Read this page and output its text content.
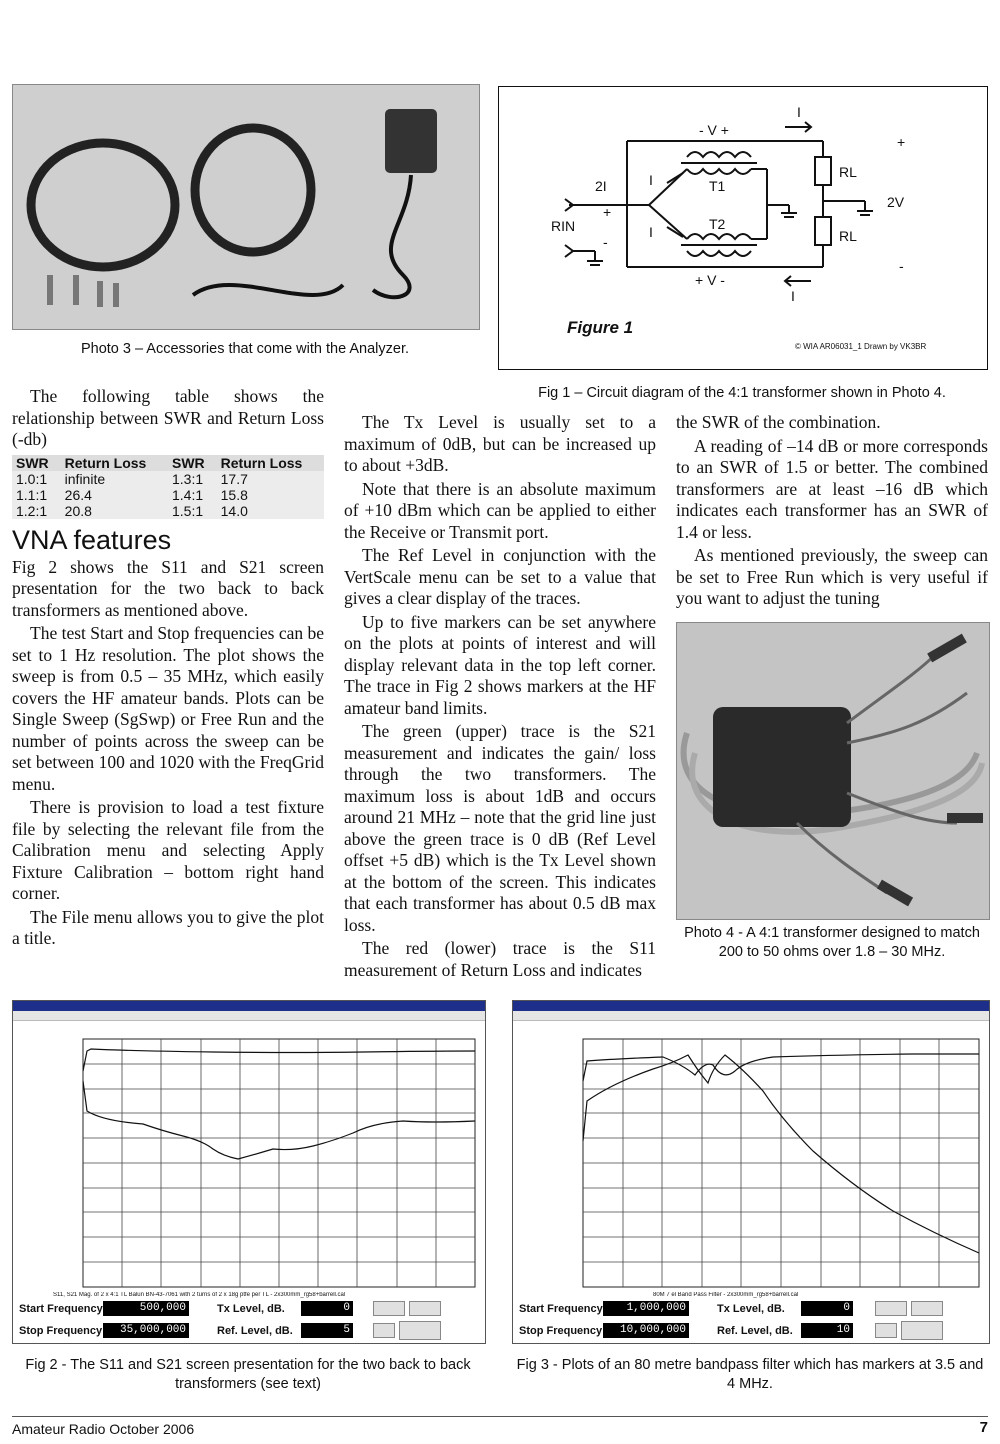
Photo 3 – Accessories that come with the Analyzer.
- V +
I
+
RL
2V
2I	I	T1
+
RIN
-
I	T2
RL
-
+ V -
I
Figure 1
© WIA AR06031_1 Drawn by VK3BR
Fig 1 – Circuit diagram of the 4:1 transformer shown in Photo 4.

The following table shows the relationship between SWR and Return Loss (-db)

SWR	Return Loss	SWR	Return Loss
1.0:1	infinite	1.3:1	17.7
1.1:1	26.4	1.4:1	15.8
1.2:1	20.8	1.5:1	14.0
VNA features

Fig 2 shows the S11 and S21 screen presentation for the two back to back transformers as mentioned above.

The test Start and Stop frequencies can be set to 1 Hz resolution. The plot shows the sweep is from 0.5 – 35 MHz, which easily covers the HF amateur bands. Plots can be Single Sweep (SgSwp) or Free Run and the number of points across the sweep can be set between 100 and 1020 with the FreqGrid menu.

There is provision to load a test fixture file by selecting the relevant file from the Calibration menu and selecting Apply Fixture Calibration – bottom right hand corner.

The File menu allows you to give the plot a title.

The Tx Level is usually set to a maximum of 0dB, but can be increased up to about +3dB.

Note that there is an absolute maximum of +10 dBm which can be applied to either the Receive or Transmit port.

The Ref Level in conjunction with the VertScale menu can be set to a value that gives a clear display of the traces.

Up to five markers can be set anywhere on the plots at points of interest and will display relevant data in the top left corner. The trace in Fig 2 shows markers at the HF amateur band limits.

The green (upper) trace is the S21 measurement and indicates the gain/ loss through the two transformers. The maximum loss is about 1dB and occurs around 21 MHz – note that the grid line just above the green trace is 0 dB (Ref Level offset +5 dB) which is the Tx Level shown at the bottom of the screen. This indicates that each transformer has about 0.5 dB max loss.

The red (lower) trace is the S11 measurement of Return Loss and indicates

the SWR of the combination.

A reading of –14 dB or more corresponds to an SWR of 1.5 or better. The combined transformers are at least –16 dB which indicates each transformer has an SWR of 1.4 or less.

As mentioned previously, the sweep can be set to Free Run which is very useful if you want to adjust the tuning

Photo 4 - A 4:1 transformer designed to match 200 to 50 ohms over 1.8 – 30 MHz.
S11, S21 Mag. of 2 x 4:1 TL Balun BN-43-7061 with 2 turns of 2 x 18g ptfe per TL - 2x300mm_rg58+barrell.cal
Start Frequency	500,000
Stop Frequency	35,000,000
Tx Level, dB.	0
Ref. Level, dB.	5
Fig 2 - The S11 and S21 screen presentation for the two back to back transformers (see text)
80M 7 el Band Pass Filter - 2x300mm_rg58+barrell.cal
Start Frequency	1,000,000
Stop Frequency	10,000,000
Tx Level, dB.	0
Ref. Level, dB.	10
Fig 3 - Plots of an 80 metre bandpass filter which has markers at 3.5 and 4 MHz.
Amateur Radio October 2006	7
